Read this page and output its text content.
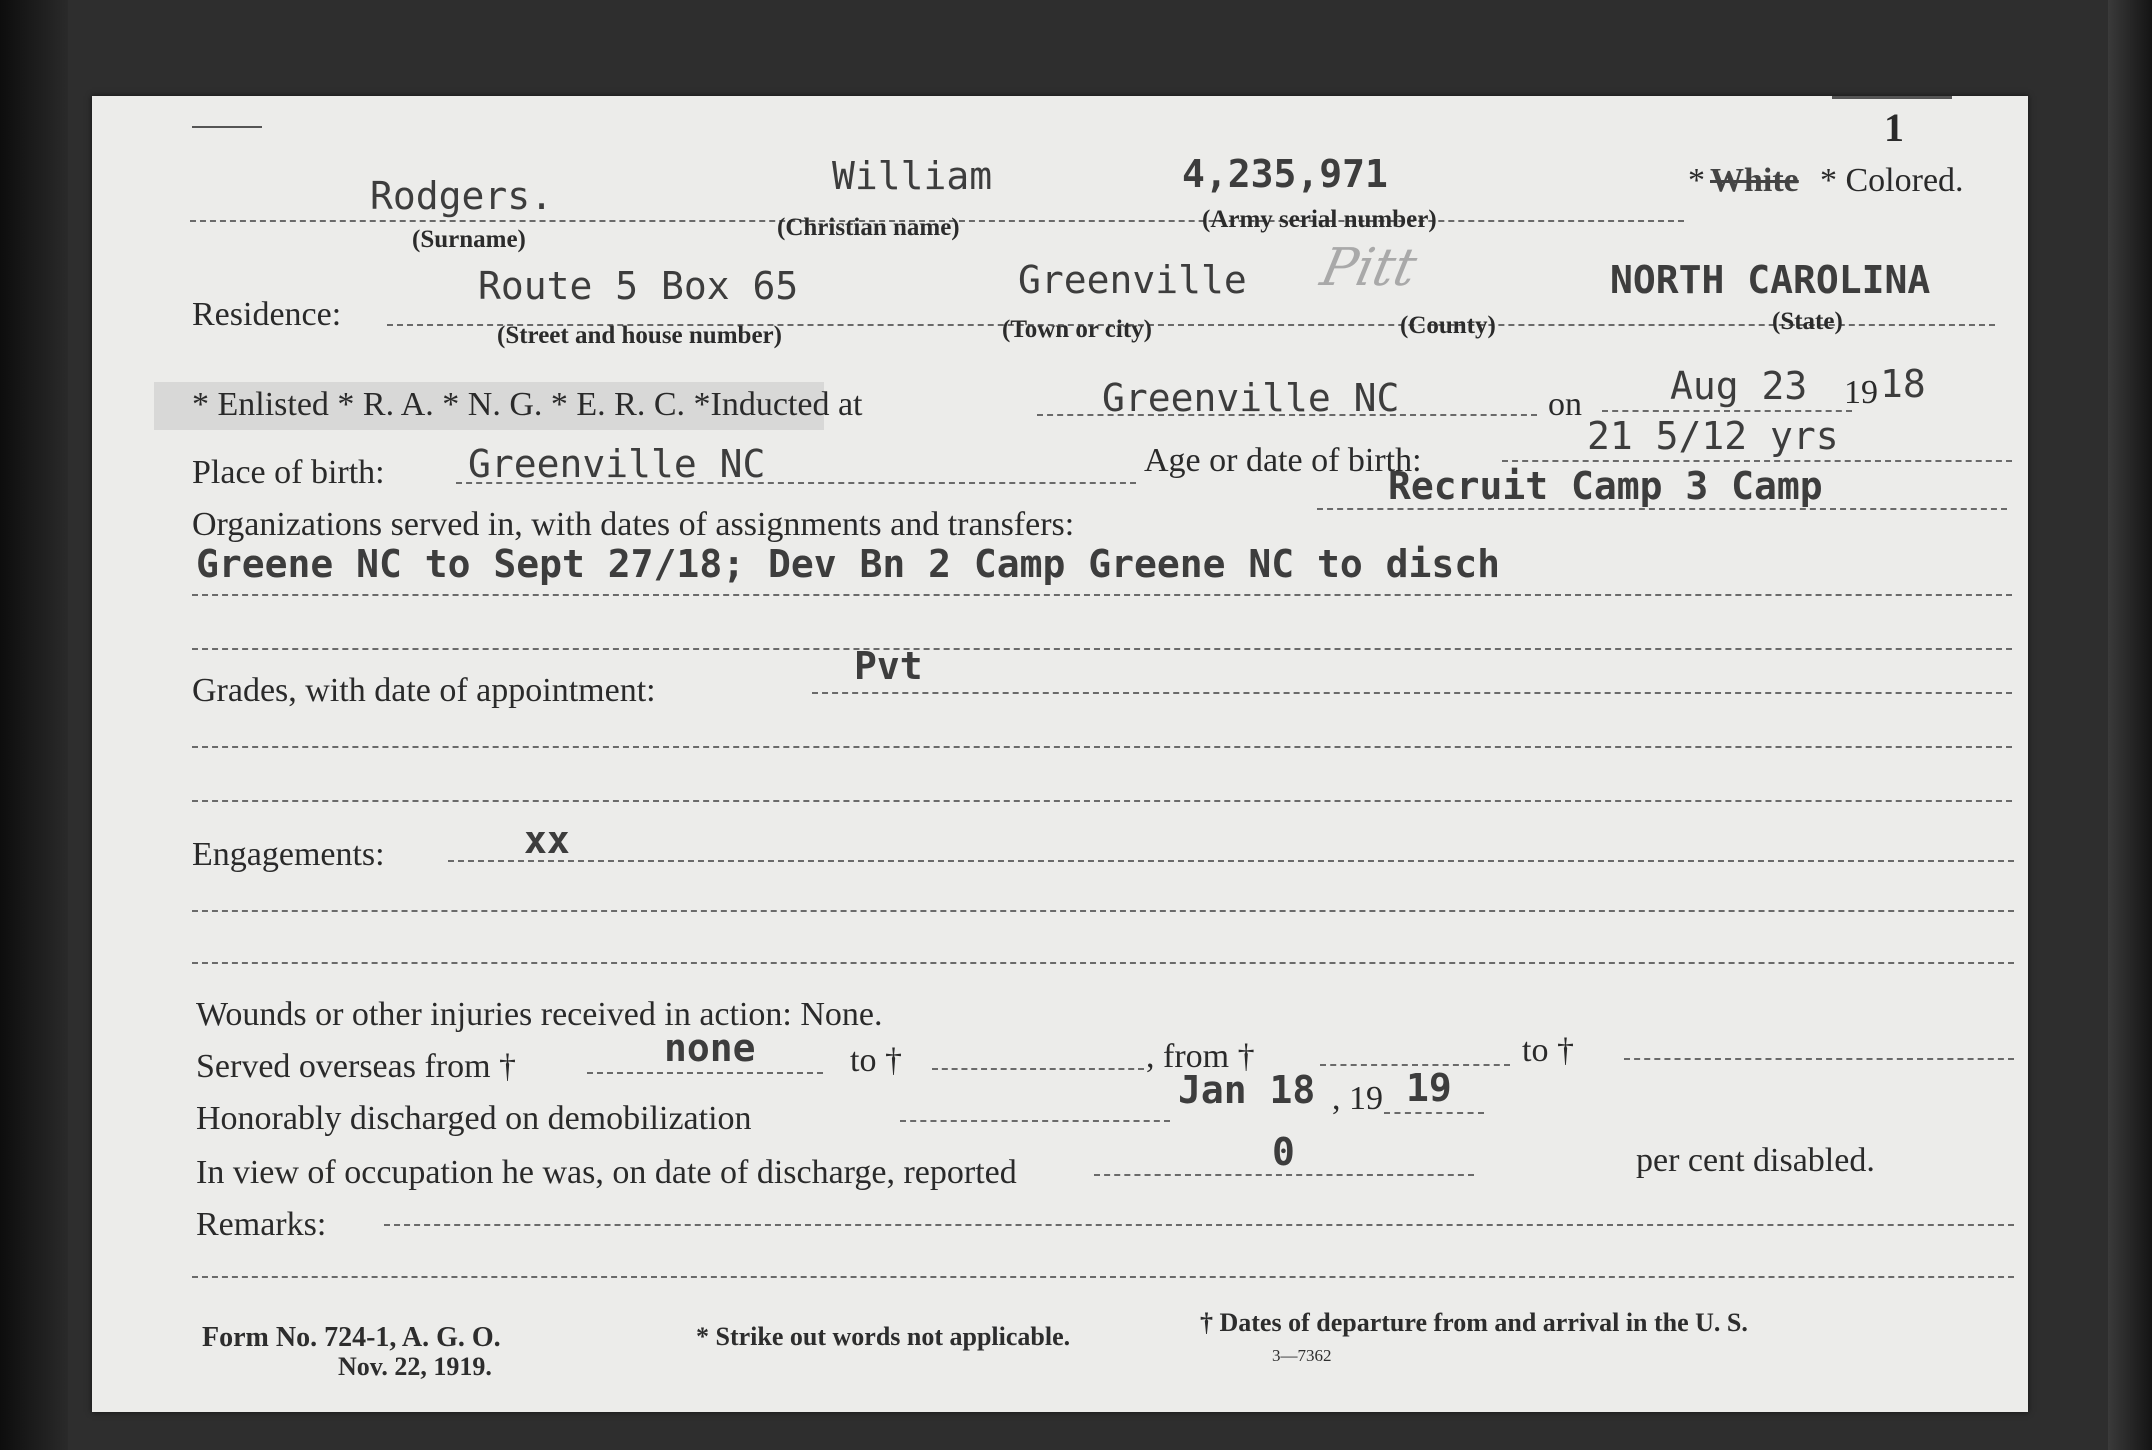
1
Rodgers.	William	4,235,971
(Surname)	(Christian name)	(Army serial number)
* White * Colored.
Residence:
Route 5 Box 65	Greenville Pitt	NORTH CAROLINA
(Street and house number)	(Town or city)	(County)	(State)
* Enlisted * R. A. * N. G. * E. R. C. *Inducted at	Greenville NC	on Aug 23 19 18
Place of birth: Greenville NC	Age or date of birth:
21 5/12 yrs
Organizations served in, with dates of assignments and transfers:
Recruit Camp 3 Camp
Greene NC to Sept 27/18; Dev Bn 2 Camp Greene NC to disch
Grades, with date of appointment:
Pvt
Engagements:	xx
Wounds or other injuries received in action: None.
Served overseas from †	none	to †	, from †	to †
Honorably discharged on demobilization
Jan 18 , 19 19
In view of occupation he was, on date of discharge, reported	0	per cent disabled.
Remarks:
Form No. 724-1, A. G. O.
Nov. 22, 1919.
* Strike out words not applicable.	† Dates of departure from and arrival in the U. S.
3—7362
